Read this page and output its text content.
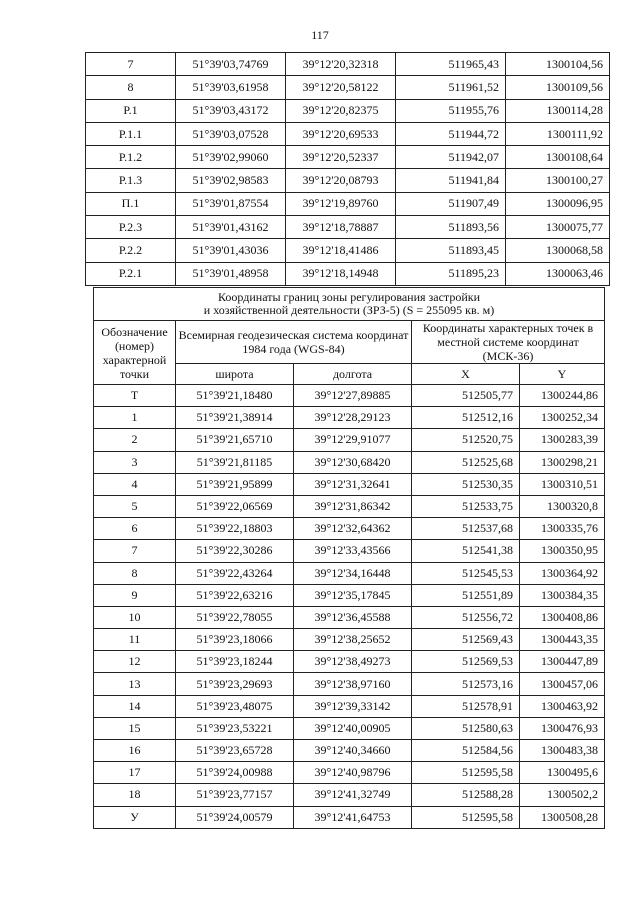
117
7	51°39'03,74769	39°12'20,32318	511965,43	1300104,56
8	51°39'03,61958	39°12'20,58122	511961,52	1300109,56
Р.1	51°39'03,43172	39°12'20,82375	511955,76	1300114,28
Р.1.1	51°39'03,07528	39°12'20,69533	511944,72	1300111,92
Р.1.2	51°39'02,99060	39°12'20,52337	511942,07	1300108,64
Р.1.3	51°39'02,98583	39°12'20,08793	511941,84	1300100,27
П.1	51°39'01,87554	39°12'19,89760	511907,49	1300096,95
Р.2.3	51°39'01,43162	39°12'18,78887	511893,56	1300075,77
Р.2.2	51°39'01,43036	39°12'18,41486	511893,45	1300068,58
Р.2.1	51°39'01,48958	39°12'18,14948	511895,23	1300063,46
Координаты границ зоны регулирования застройки
и хозяйственной деятельности (ЗРЗ-5) (S = 255095 кв. м)				
Обозначение (номер) характерной точки	Всемирная геодезическая система координат 1984 года (WGS-84)		Координаты характерных точек в местной системе координат (МСК-36)	
	широта	долгота	X	Y
Т	51°39'21,18480	39°12'27,89885	512505,77	1300244,86
1	51°39'21,38914	39°12'28,29123	512512,16	1300252,34
2	51°39'21,65710	39°12'29,91077	512520,75	1300283,39
3	51°39'21,81185	39°12'30,68420	512525,68	1300298,21
4	51°39'21,95899	39°12'31,32641	512530,35	1300310,51
5	51°39'22,06569	39°12'31,86342	512533,75	1300320,8
6	51°39'22,18803	39°12'32,64362	512537,68	1300335,76
7	51°39'22,30286	39°12'33,43566	512541,38	1300350,95
8	51°39'22,43264	39°12'34,16448	512545,53	1300364,92
9	51°39'22,63216	39°12'35,17845	512551,89	1300384,35
10	51°39'22,78055	39°12'36,45588	512556,72	1300408,86
11	51°39'23,18066	39°12'38,25652	512569,43	1300443,35
12	51°39'23,18244	39°12'38,49273	512569,53	1300447,89
13	51°39'23,29693	39°12'38,97160	512573,16	1300457,06
14	51°39'23,48075	39°12'39,33142	512578,91	1300463,92
15	51°39'23,53221	39°12'40,00905	512580,63	1300476,93
16	51°39'23,65728	39°12'40,34660	512584,56	1300483,38
17	51°39'24,00988	39°12'40,98796	512595,58	1300495,6
18	51°39'23,77157	39°12'41,32749	512588,28	1300502,2
У	51°39'24,00579	39°12'41,64753	512595,58	1300508,28
